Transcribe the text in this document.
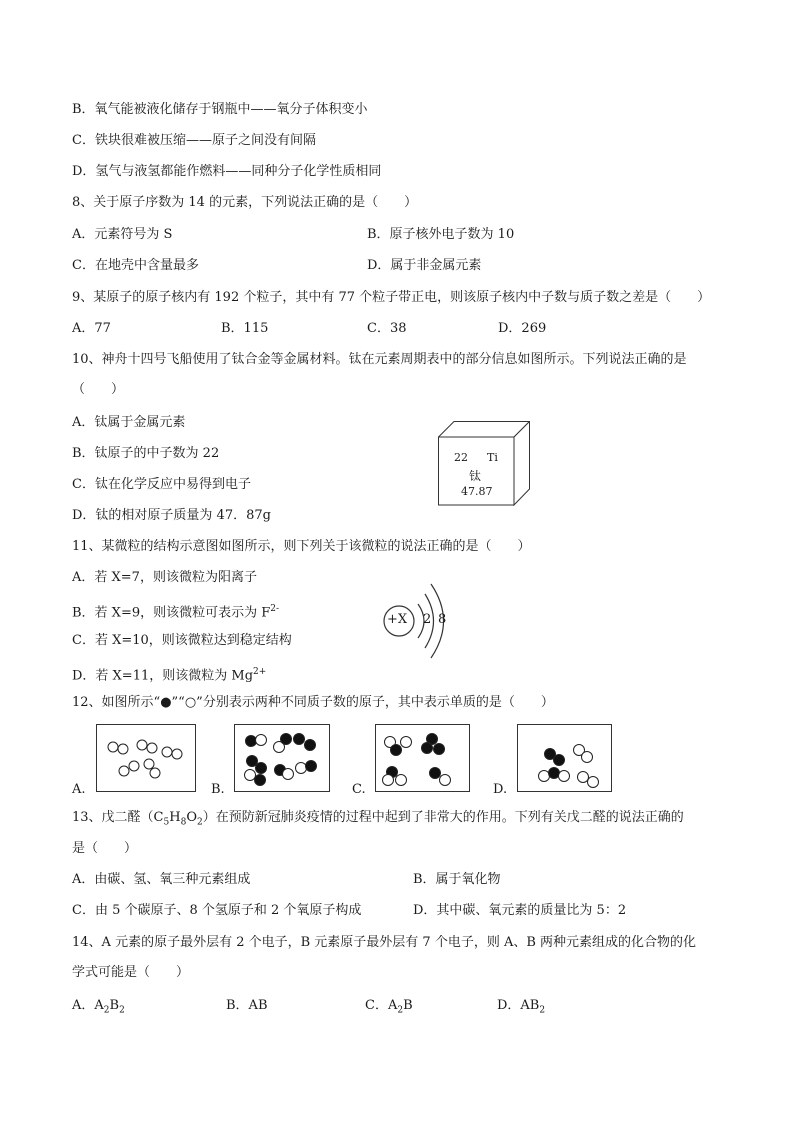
B．氧气能被液化储存于钢瓶中——氧分子体积变小
C．铁块很难被压缩——原子之间没有间隔
D．氢气与液氢都能作燃料——同种分子化学性质相同
8、关于原子序数为 14 的元素，下列说法正确的是（　　）
A．元素符号为 S	B．原子核外电子数为 10
C．在地壳中含量最多	D．属于非金属元素
9、某原子的原子核内有 192 个粒子，其中有 77 个粒子带正电，则该原子核内中子数与质子数之差是（　　）
A．77	B．115	C．38	D．269
10、神舟十四号飞船使用了钛合金等金属材料。钛在元素周期表中的部分信息如图所示。下列说法正确的是
（　　）
A．钛属于金属元素
B．钛原子的中子数为 22
C．钛在化学反应中易得到电子
D．钛的相对原子质量为 47．87g
22 Ti
钛
47.87
11、某微粒的结构示意图如图所示，则下列关于该微粒的说法正确的是（　　）
A．若 X=7，则该微粒为阳离子
B．若 X=9，则该微粒可表示为 $F^{2-}$
C．若 X=10，则该微粒达到稳定结构
D．若 X=11，则该微粒为 $Mg^{2+}$
+X 2 8
12、如图所示“●”“○”分别表示两种不同质子数的原子，其中表示单质的是（　　）
A.	B.	C.	D.
13、戊二醛$(C_5H_8O_2)$在预防新冠肺炎疫情的过程中起到了非常大的作用。下列有关戊二醛的说法正确的
是（　　）
A．由碳、氢、氧三种元素组成	B．属于氧化物
C．由 5 个碳原子、8 个氢原子和 2 个氧原子构成	D．其中碳、氧元素的质量比为 5：2
14、A 元素的原子最外层有 2 个电子，B 元素原子最外层有 7 个电子，则 A、B 两种元素组成的化合物的化
学式可能是（　　）
A．$A_2B_2$	B．AB	C．$A_2B$	D．$AB_2$
